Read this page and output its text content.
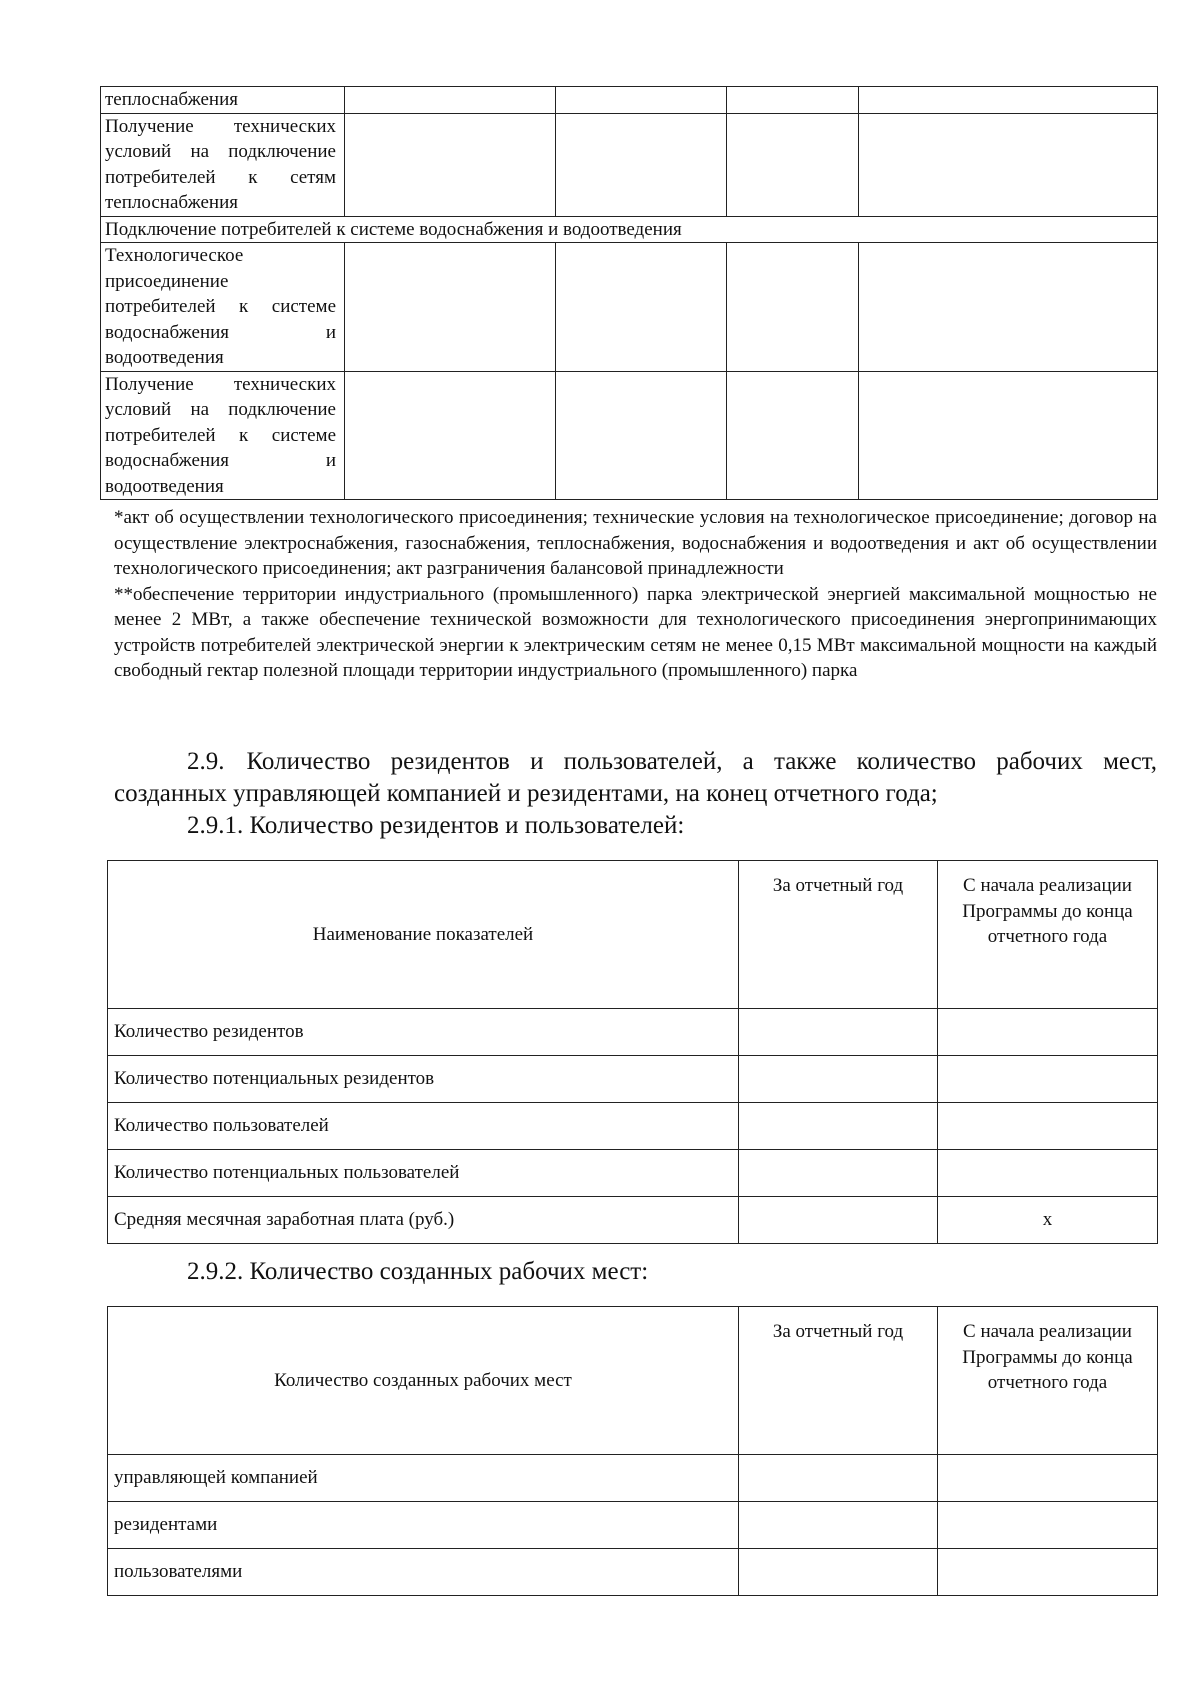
теплоснабжения				
Получение технических условий на подключение потребителей к сетям теплоснабжения				
Подключение потребителей к системе водоснабжения и водоотведения				
Технологическое присоединение потребителей к системе водоснабжения и водоотведения				
Получение технических условий на подключение потребителей к системе водоснабжения и водоотведения				

*акт об осуществлении технологического присоединения; технические условия на технологическое присоединение; договор на осуществление электроснабжения, газоснабжения, теплоснабжения, водоснабжения и водоотведения и акт об осуществлении технологического присоединения; акт разграничения балансовой принадлежности

**обеспечение территории индустриального (промышленного) парка электрической энергией максимальной мощностью не менее 2 МВт, а также обеспечение технической возможности для технологического присоединения энергопринимающих устройств потребителей электрической энергии к электрическим сетям не менее 0,15 МВт максимальной мощности на каждый свободный гектар полезной площади территории индустриального (промышленного) парка

2.9. Количество резидентов и пользователей, а также количество рабочих мест, созданных управляющей компанией и резидентами, на конец отчетного года;
2.9.1. Количество резидентов и пользователей:
Наименование показателей	За отчетный год	С начала реализации Программы до конца отчетного года
Количество резидентов		
Количество потенциальных резидентов		
Количество пользователей		
Количество потенциальных пользователей		
Средняя месячная заработная плата (руб.)		х
2.9.2. Количество созданных рабочих мест:
Количество созданных рабочих мест	За отчетный год	С начала реализации Программы до конца отчетного года
управляющей компанией		
резидентами		
пользователями		
